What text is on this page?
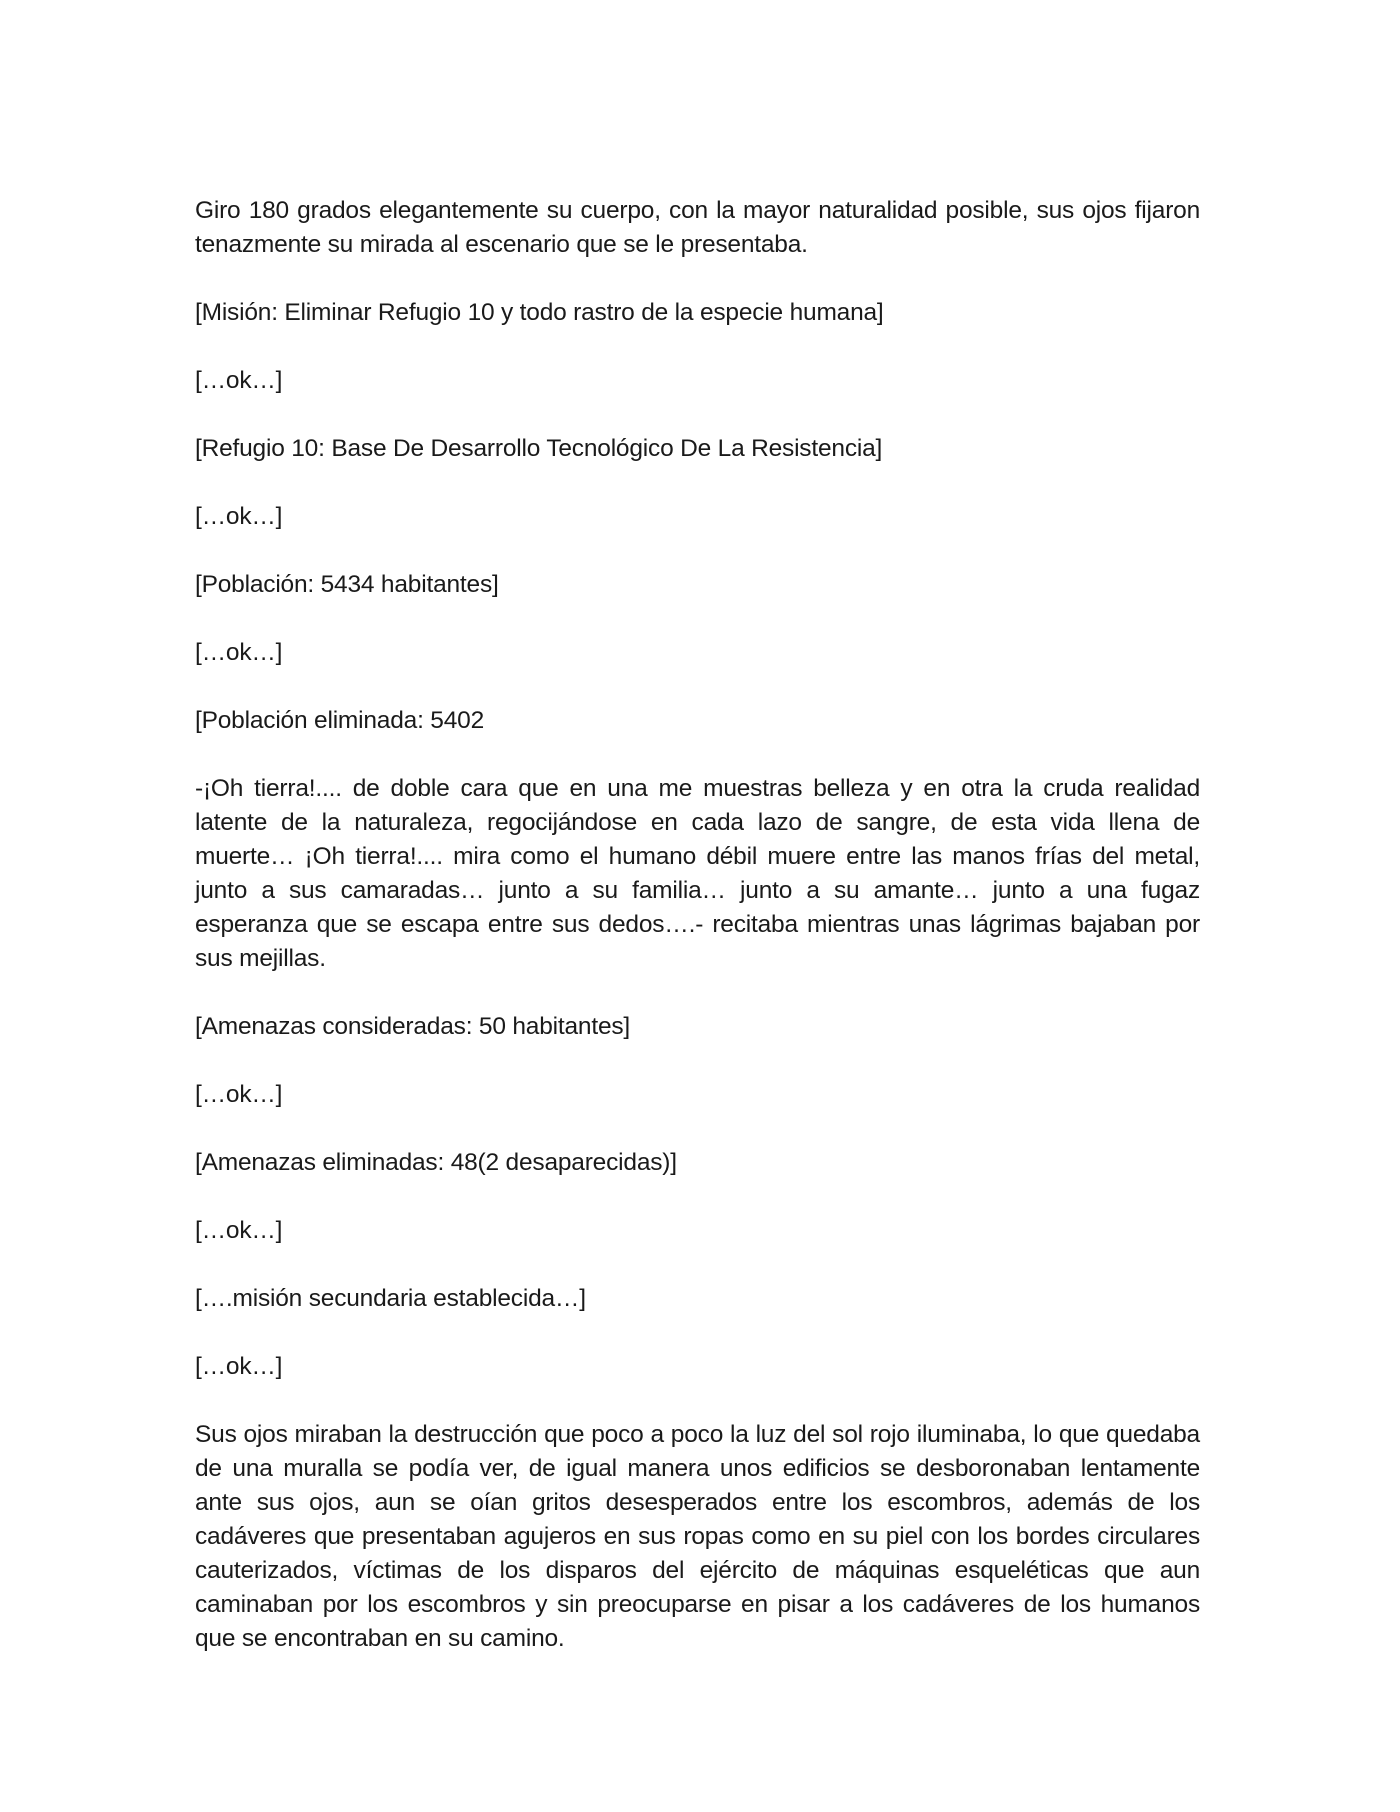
Giro 180 grados elegantemente su cuerpo, con la mayor naturalidad posible, sus ojos fijaron tenazmente su mirada al escenario que se le presentaba.

[Misión: Eliminar Refugio 10 y todo rastro de la especie humana]

[…ok…]

[Refugio 10: Base De Desarrollo Tecnológico De La Resistencia]

[…ok…]

[Población: 5434 habitantes]

[…ok…]

[Población eliminada: 5402

-¡Oh tierra!.... de doble cara que en una me muestras belleza y en otra la cruda realidad latente de la naturaleza, regocijándose en cada lazo de sangre, de esta vida llena de muerte… ¡Oh tierra!.... mira como el humano débil muere entre las manos frías del metal, junto a sus camaradas… junto a su familia… junto a su amante… junto a una fugaz esperanza que se escapa entre sus dedos….- recitaba mientras unas lágrimas bajaban por sus mejillas.

[Amenazas consideradas: 50 habitantes]

[…ok…]

[Amenazas eliminadas: 48(2 desaparecidas)]

[…ok…]

[….misión secundaria establecida…]

[…ok…]

Sus ojos miraban la destrucción que poco a poco la luz del sol rojo iluminaba, lo que quedaba de una muralla se podía ver, de igual manera unos edificios se desboronaban lentamente ante sus ojos, aun se oían gritos desesperados entre los escombros, además de los cadáveres que presentaban agujeros en sus ropas como en su piel con los bordes circulares cauterizados, víctimas de los disparos del ejército de máquinas esqueléticas que aun caminaban por los escombros y sin preocuparse en pisar a los cadáveres de los humanos que se encontraban en su camino.
